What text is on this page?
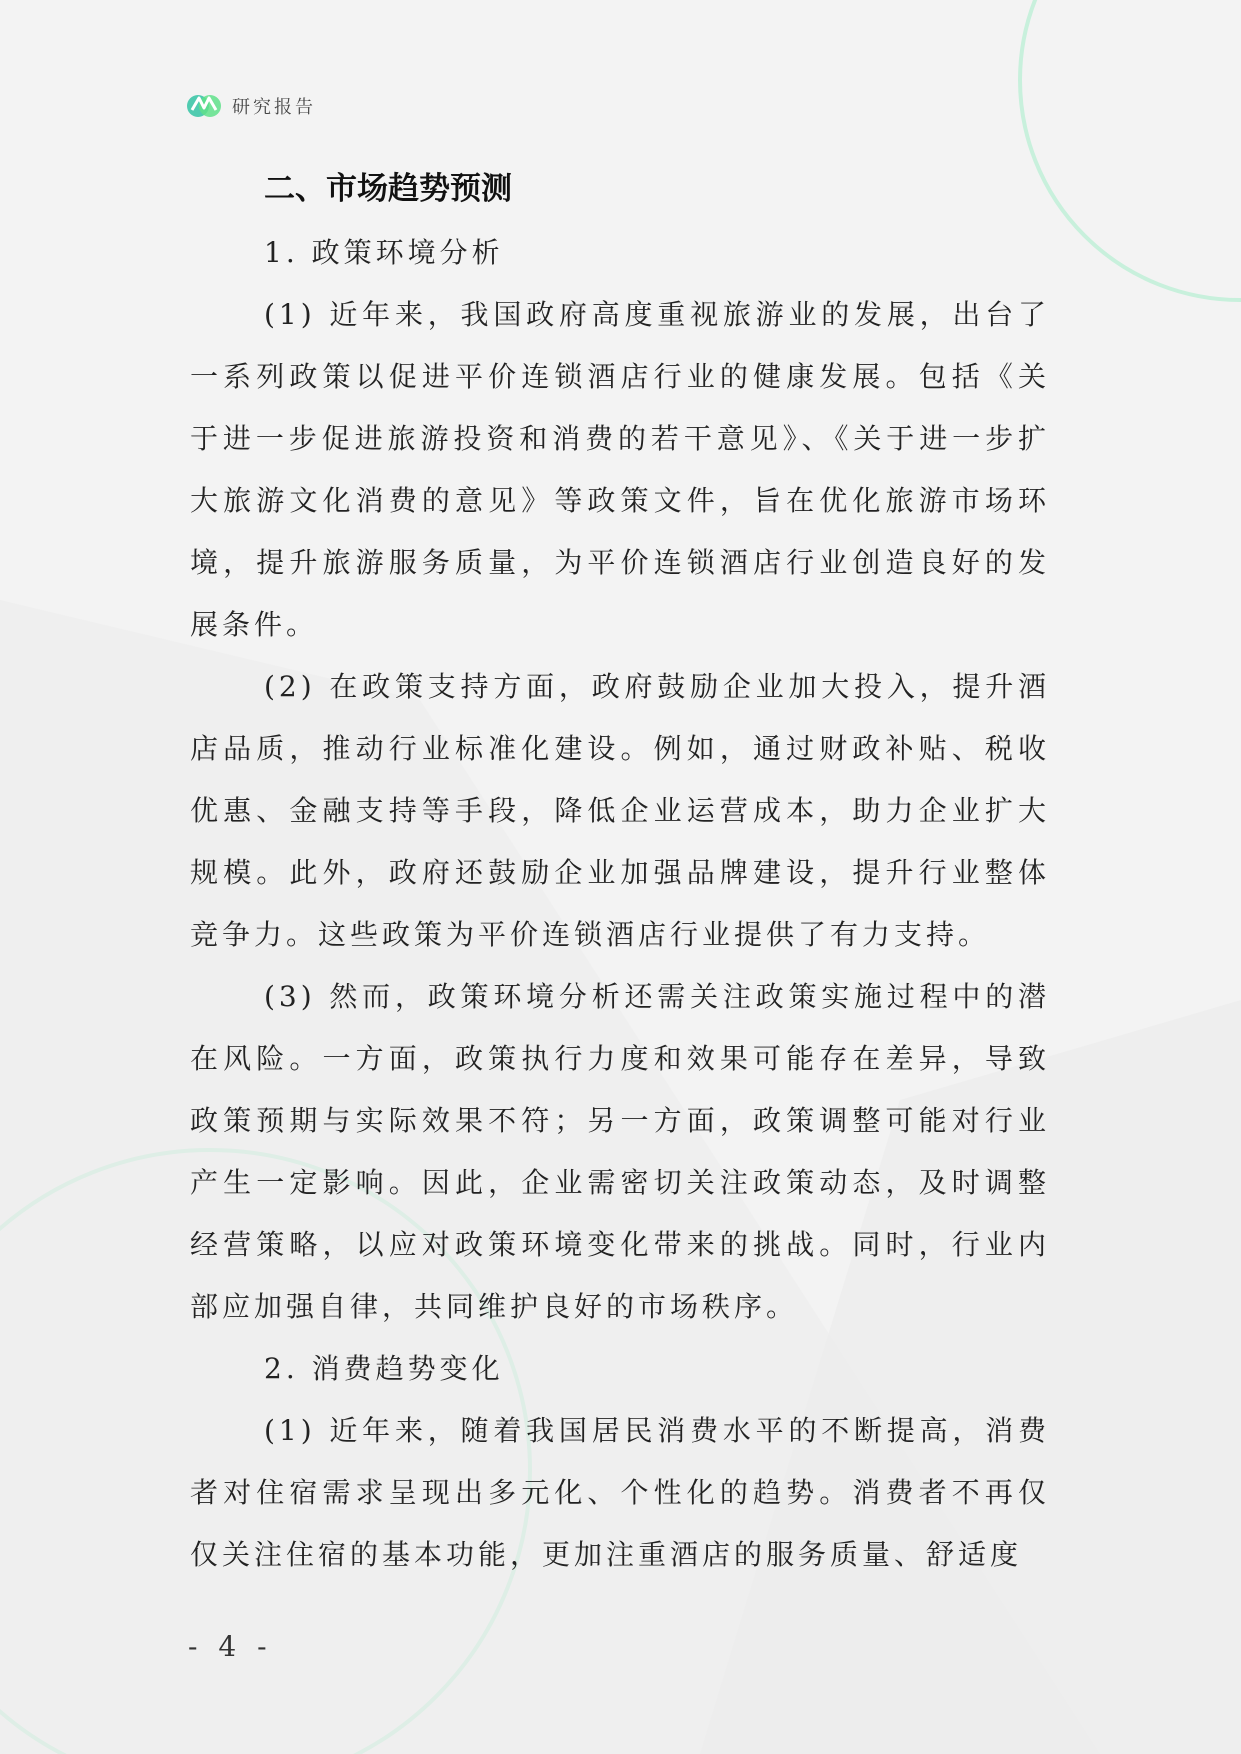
研究报告
二、市场趋势预测
1. 政策环境分析

(1) 近年来，我国政府高度重视旅游业的发展，出台了一系列政策以促进平价连锁酒店行业的健康发展。包括《关于进一步促进旅游投资和消费的若干意见》、《关于进一步扩大旅游文化消费的意见》等政策文件，旨在优化旅游市场环境，提升旅游服务质量，为平价连锁酒店行业创造良好的发展条件。

(2) 在政策支持方面，政府鼓励企业加大投入，提升酒店品质，推动行业标准化建设。例如，通过财政补贴、税收优惠、金融支持等手段，降低企业运营成本，助力企业扩大规模。此外，政府还鼓励企业加强品牌建设，提升行业整体竞争力。这些政策为平价连锁酒店行业提供了有力支持。

(3) 然而，政策环境分析还需关注政策实施过程中的潜在风险。一方面，政策执行力度和效果可能存在差异，导致政策预期与实际效果不符；另一方面，政策调整可能对行业产生一定影响。因此，企业需密切关注政策动态，及时调整经营策略，以应对政策环境变化带来的挑战。同时，行业内部应加强自律，共同维护良好的市场秩序。

2. 消费趋势变化

(1) 近年来，随着我国居民消费水平的不断提高，消费者对住宿需求呈现出多元化、个性化的趋势。消费者不再仅仅关注住宿的基本功能，更加注重酒店的服务质量、舒适度

- 4 -
